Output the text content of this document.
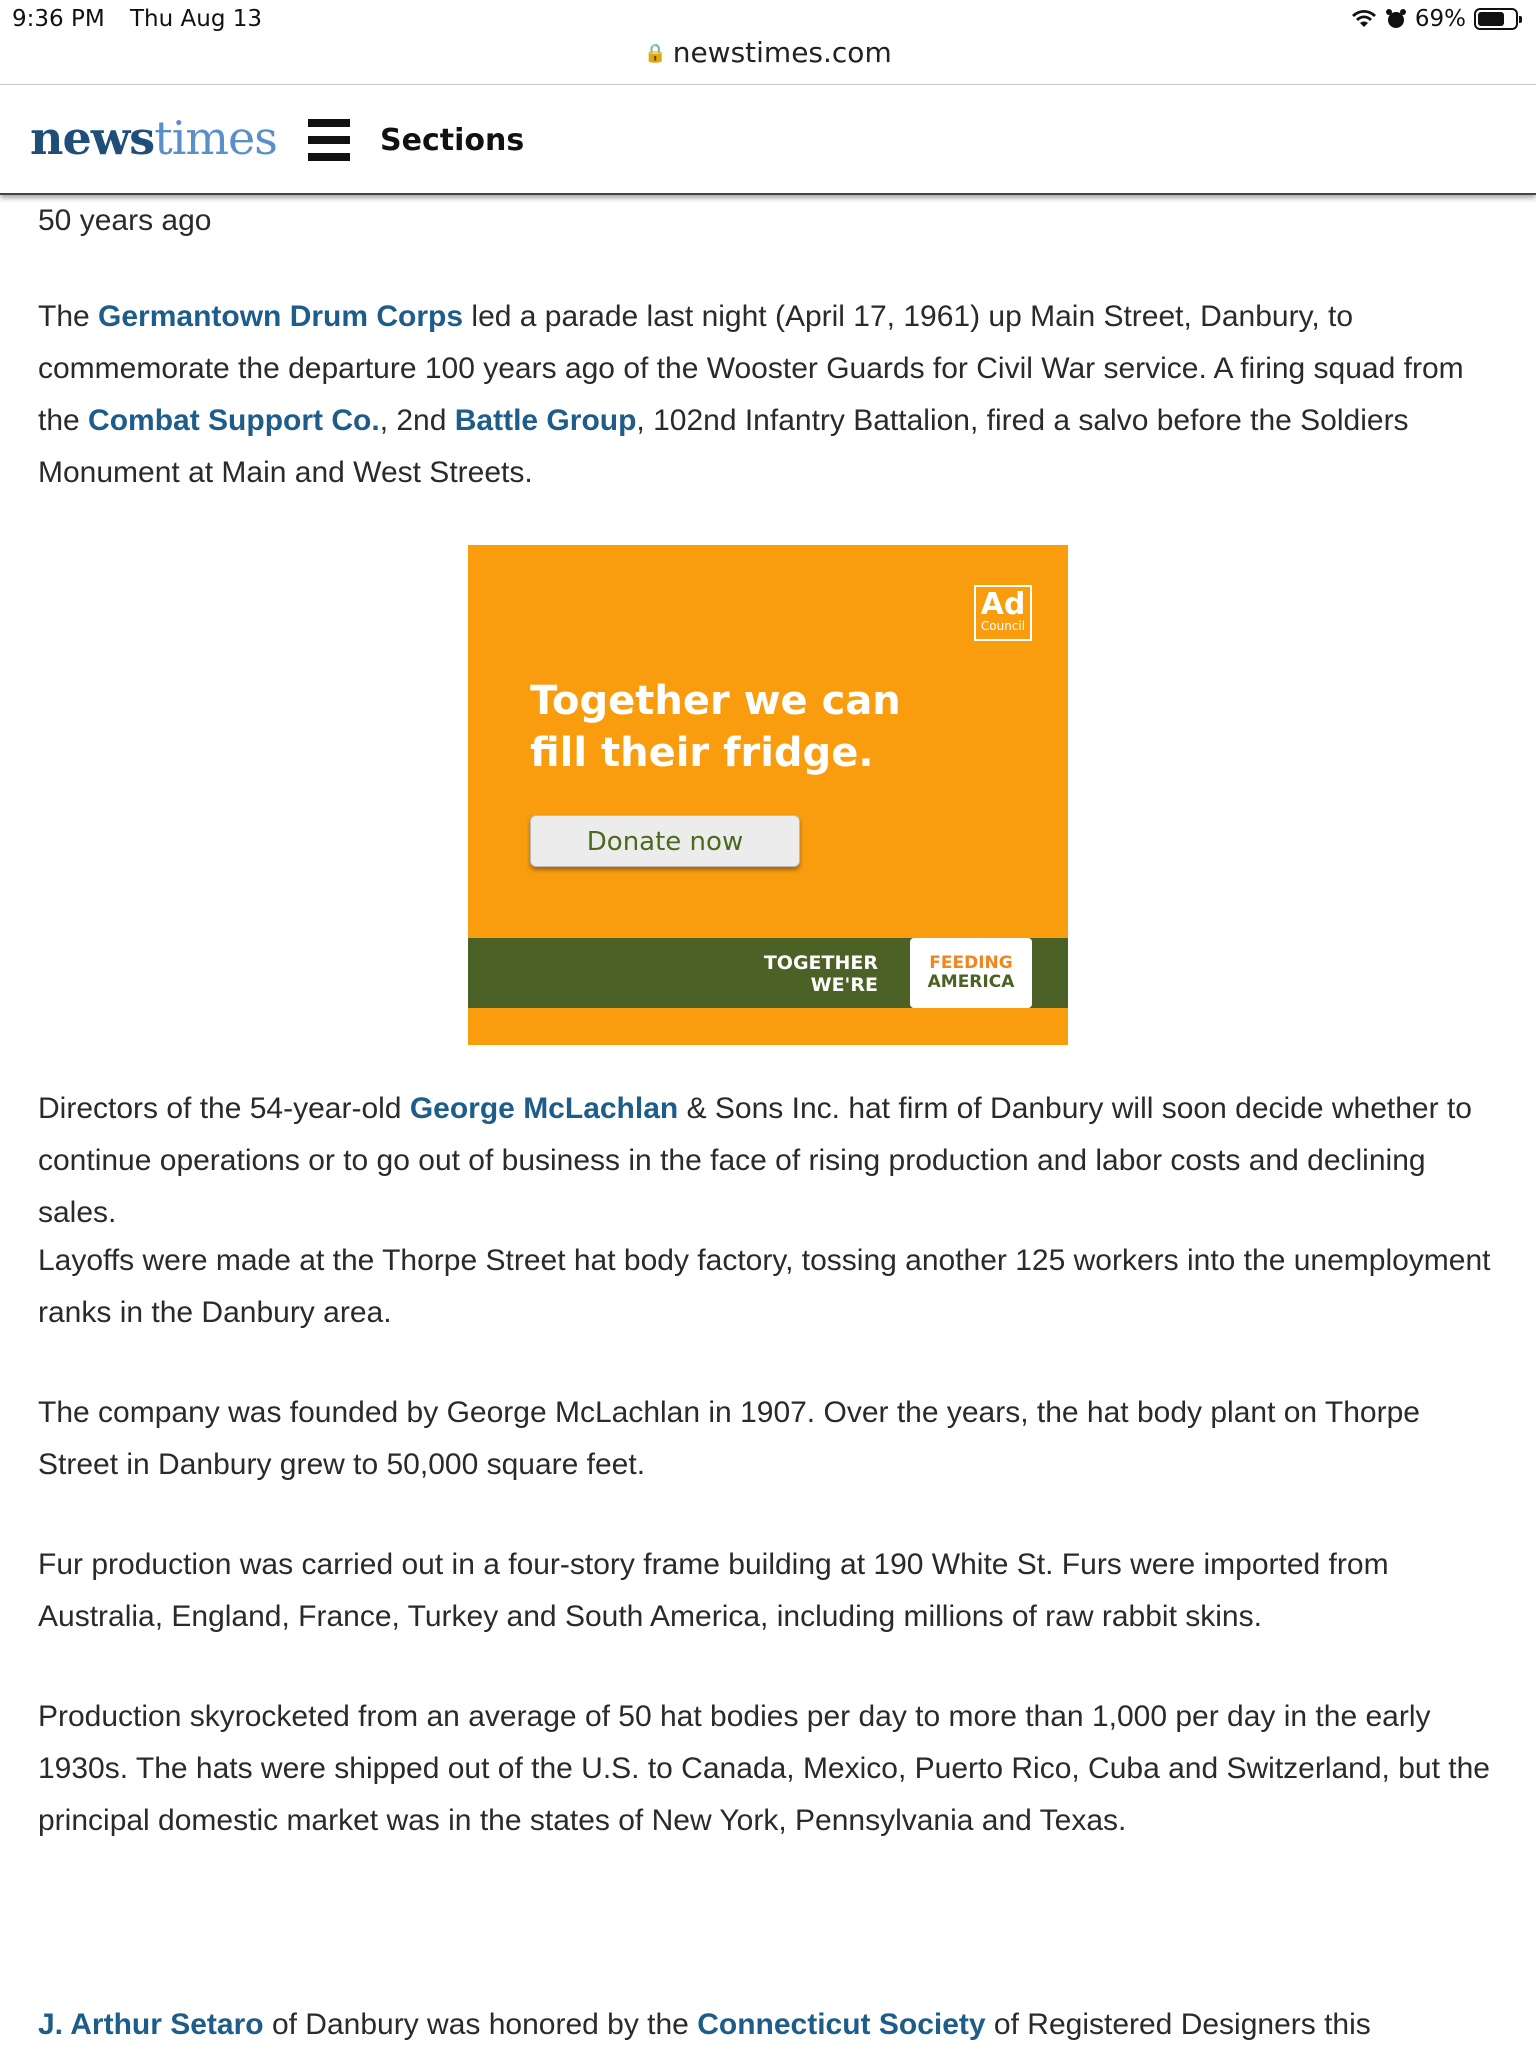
9:36 PM Thu Aug 13	69%
🔒 newstimes.com
newstimes	Sections

50 years ago

The Germantown Drum Corps led a parade last night (April 17, 1961) up Main Street, Danbury, to commemorate the departure 100 years ago of the Wooster Guards for Civil War service. A firing squad from the Combat Support Co., 2nd Battle Group, 102nd Infantry Battalion, fired a salvo before the Soldiers Monument at Main and West Streets.

Directors of the 54-year-old George McLachlan & Sons Inc. hat firm of Danbury will soon decide whether to continue operations or to go out of business in the face of rising production and labor costs and declining sales.

Layoffs were made at the Thorpe Street hat body factory, tossing another 125 workers into the unemployment ranks in the Danbury area.

The company was founded by George McLachlan in 1907. Over the years, the hat body plant on Thorpe Street in Danbury grew to 50,000 square feet.

Fur production was carried out in a four-story frame building at 190 White St. Furs were imported from Australia, England, France, Turkey and South America, including millions of raw rabbit skins.

Production skyrocketed from an average of 50 hat bodies per day to more than 1,000 per day in the early 1930s. The hats were shipped out of the U.S. to Canada, Mexico, Puerto Rico, Cuba and Switzerland, but the principal domestic market was in the states of New York, Pennsylvania and Texas.

J. Arthur Setaro of Danbury was honored by the Connecticut Society of Registered Designers this

Ad
Council
Together we can
fill their fridge.
Donate now
TOGETHER
WE'RE
FEEDING
AMERICA
